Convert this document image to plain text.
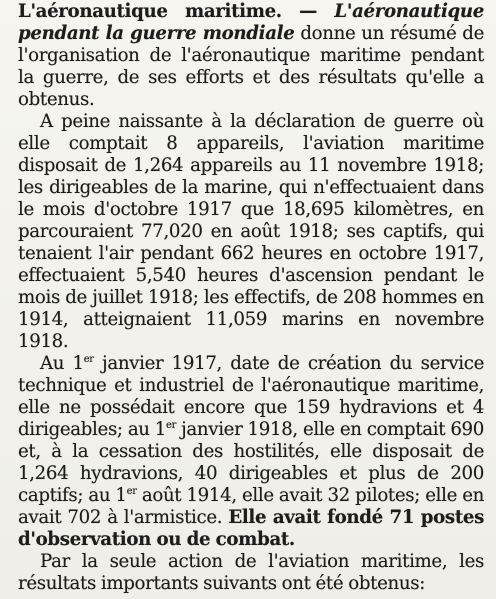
L'aéronautique maritime. — L'aéronautique pendant la guerre mondiale donne un résumé de l'organisation de l'aéronautique maritime pendant la guerre, de ses efforts et des résultats qu'elle a obtenus.

A peine naissante à la déclaration de guerre où elle comptait 8 appareils, l'aviation maritime disposait de 1,264 appareils au 11 novembre 1918; les dirigeables de la marine, qui n'effectuaient dans le mois d'octobre 1917 que 18,695 kilomètres, en parcouraient 77,020 en août 1918; ses captifs, qui tenaient l'air pendant 662 heures en octobre 1917, effectuaient 5,540 heures d'ascension pendant le mois de juillet 1918; les effectifs, de 208 hommes en 1914, atteignaient 11,059 marins en novembre 1918.

Au 1er janvier 1917, date de création du service technique et industriel de l'aéronautique maritime, elle ne possédait encore que 159 hydravions et 4 dirigeables; au 1er janvier 1918, elle en comptait 690 et, à la cessation des hostilités, elle disposait de 1,264 hydravions, 40 dirigeables et plus de 200 captifs; au 1er août 1914, elle avait 32 pilotes; elle en avait 702 à l'armistice. Elle avait fondé 71 postes d'observation ou de combat.

Par la seule action de l'aviation maritime, les résultats importants suivants ont été obtenus:
